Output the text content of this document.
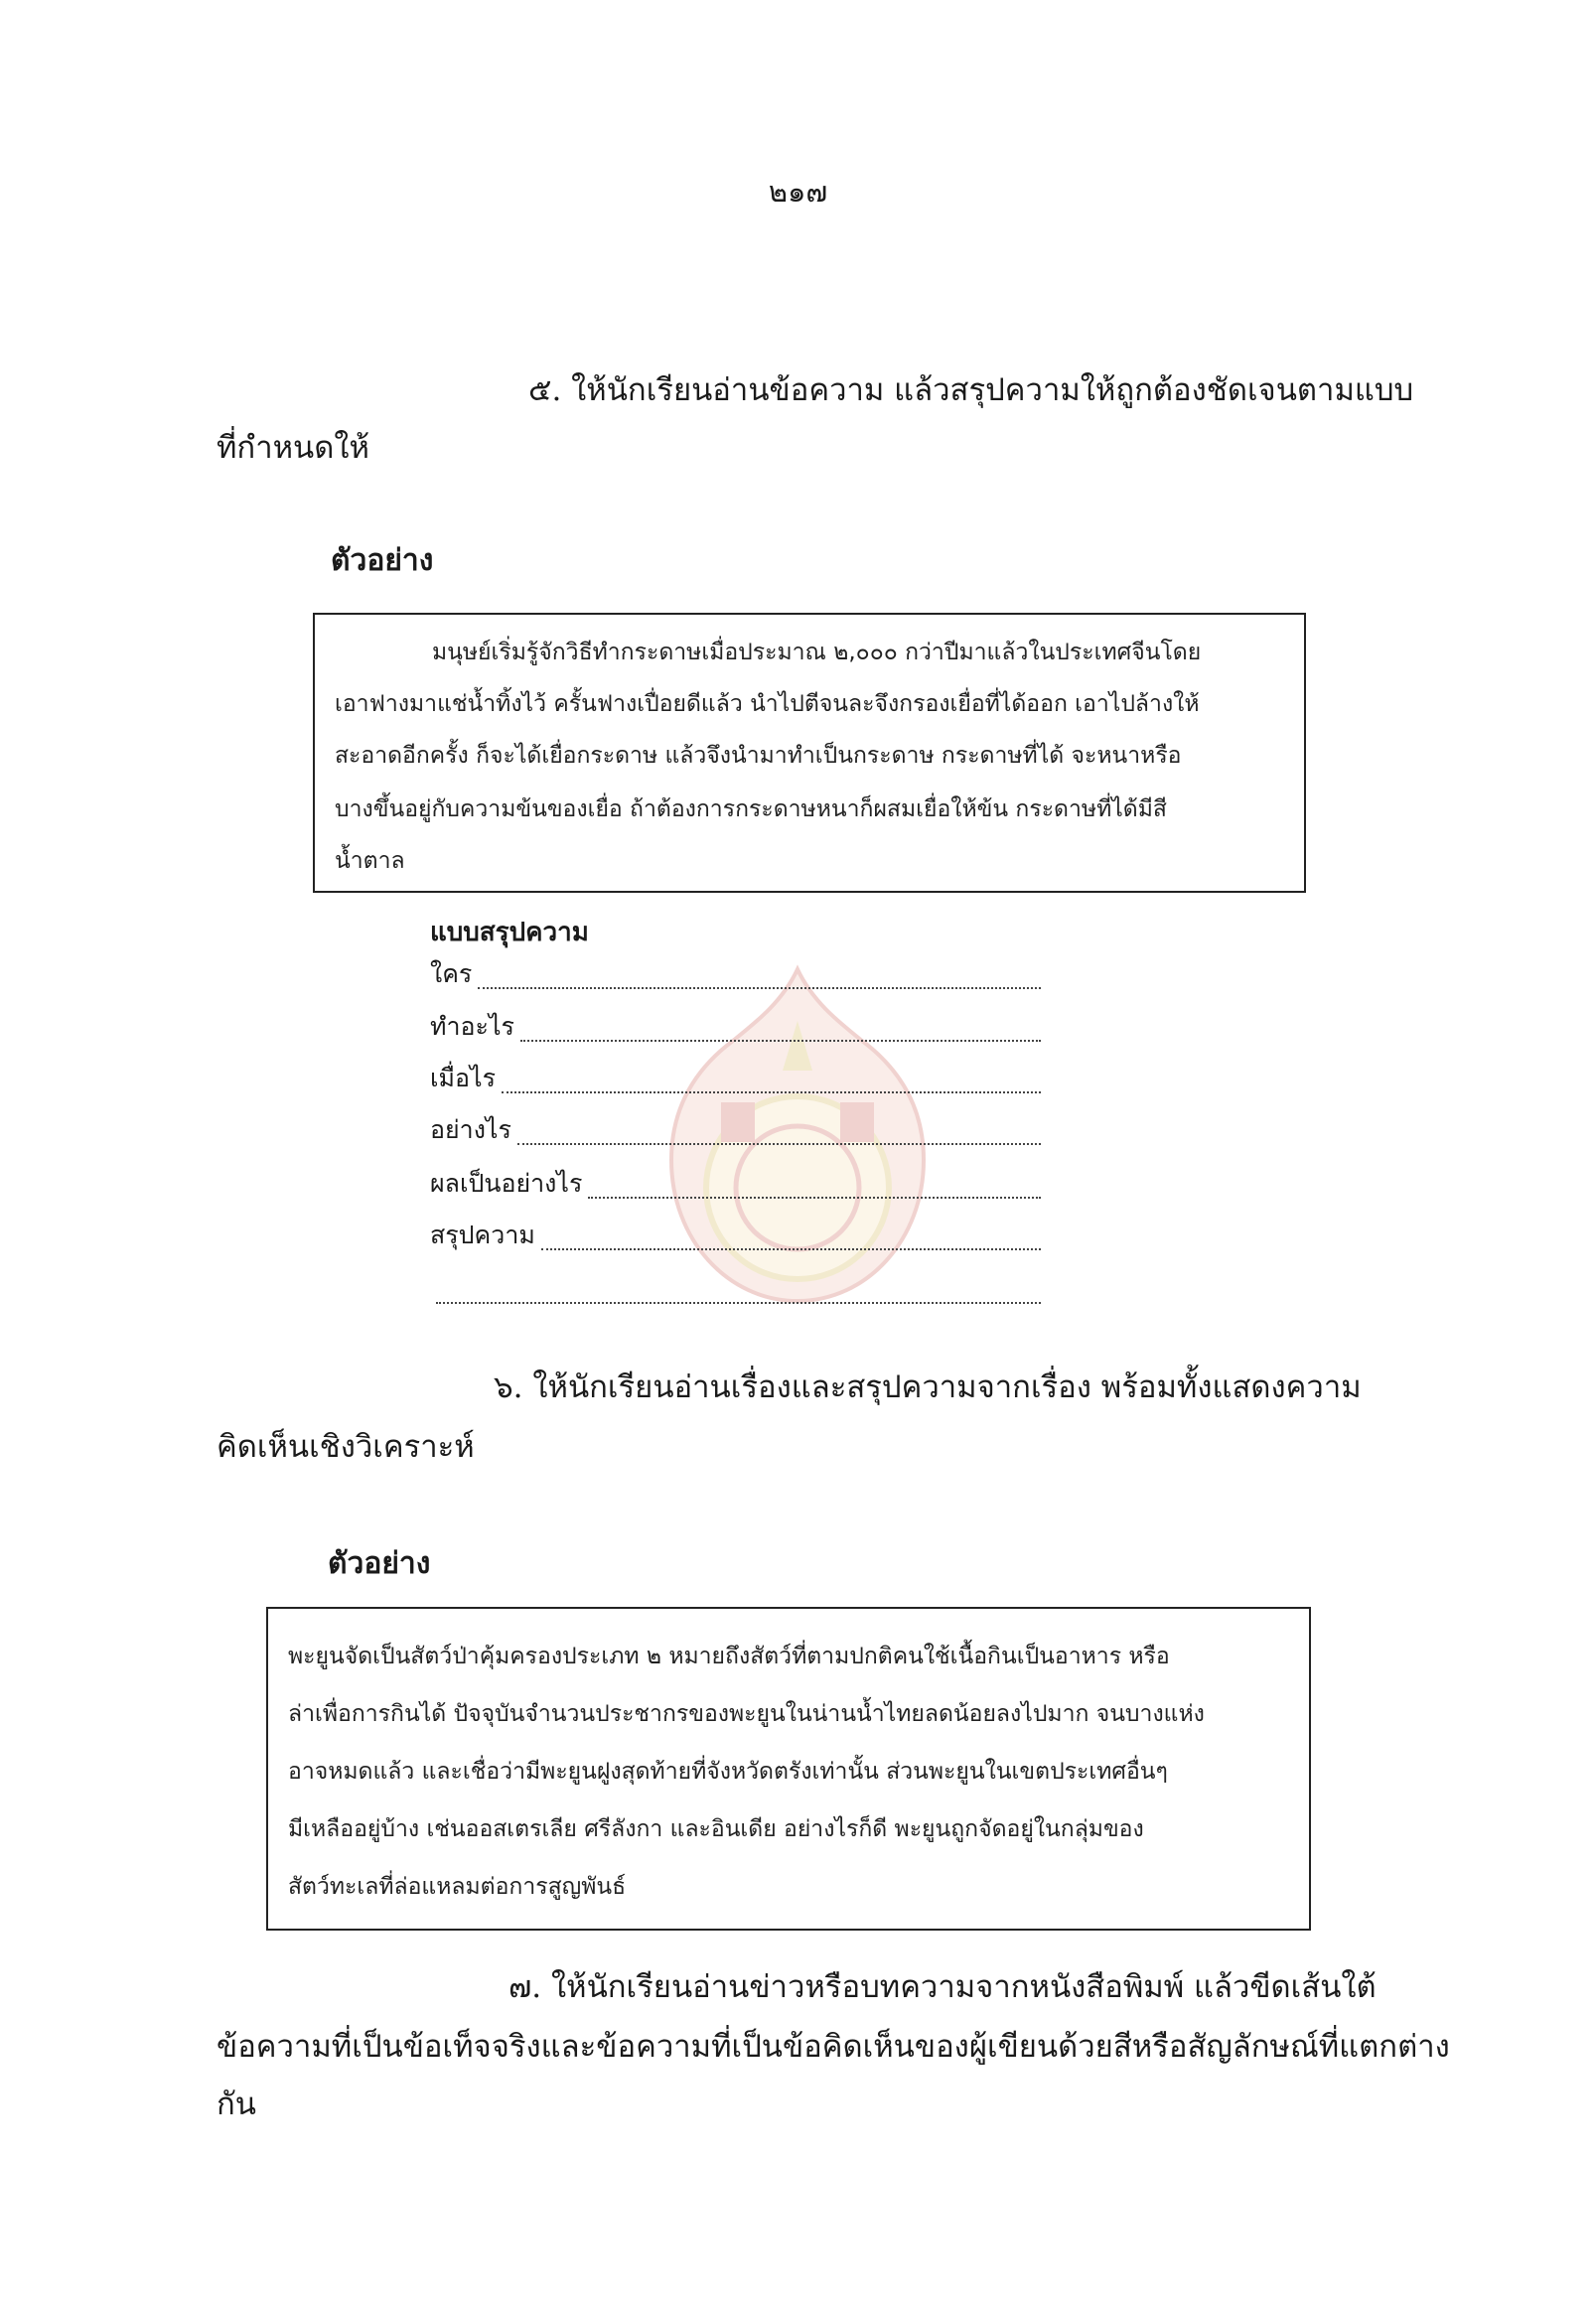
๒๑๗
๕. ให้นักเรียนอ่านข้อความ แล้วสรุปความให้ถูกต้องชัดเจนตามแบบ
ที่กำหนดให้
ตัวอย่าง
มนุษย์เริ่มรู้จักวิธีทำกระดาษเมื่อประมาณ ๒,๐๐๐ กว่าปีมาแล้วในประเทศจีนโดย
เอาฟางมาแช่น้ำทิ้งไว้ ครั้นฟางเปื่อยดีแล้ว นำไปตีจนละจึงกรองเยื่อที่ได้ออก เอาไปล้างให้
สะอาดอีกครั้ง ก็จะได้เยื่อกระดาษ แล้วจึงนำมาทำเป็นกระดาษ กระดาษที่ได้ จะหนาหรือ
บางขึ้นอยู่กับความข้นของเยื่อ ถ้าต้องการกระดาษหนาก็ผสมเยื่อให้ข้น กระดาษที่ได้มีสี
น้ำตาล
แบบสรุปความ
ใคร
ทำอะไร
เมื่อไร
อย่างไร
ผลเป็นอย่างไร
สรุปความ
๖. ให้นักเรียนอ่านเรื่องและสรุปความจากเรื่อง พร้อมทั้งแสดงความ
คิดเห็นเชิงวิเคราะห์
ตัวอย่าง
พะยูนจัดเป็นสัตว์ป่าคุ้มครองประเภท ๒ หมายถึงสัตว์ที่ตามปกติคนใช้เนื้อกินเป็นอาหาร หรือ
ล่าเพื่อการกินได้ ปัจจุบันจำนวนประชากรของพะยูนในน่านน้ำไทยลดน้อยลงไปมาก จนบางแห่ง
อาจหมดแล้ว และเชื่อว่ามีพะยูนฝูงสุดท้ายที่จังหวัดตรังเท่านั้น ส่วนพะยูนในเขตประเทศอื่นๆ
มีเหลืออยู่บ้าง เช่นออสเตรเลีย ศรีลังกา และอินเดีย อย่างไรก็ดี พะยูนถูกจัดอยู่ในกลุ่มของ
สัตว์ทะเลที่ล่อแหลมต่อการสูญพันธ์
๗. ให้นักเรียนอ่านข่าวหรือบทความจากหนังสือพิมพ์ แล้วขีดเส้นใต้
ข้อความที่เป็นข้อเท็จจริงและข้อความที่เป็นข้อคิดเห็นของผู้เขียนด้วยสีหรือสัญลักษณ์ที่แตกต่าง
กัน
